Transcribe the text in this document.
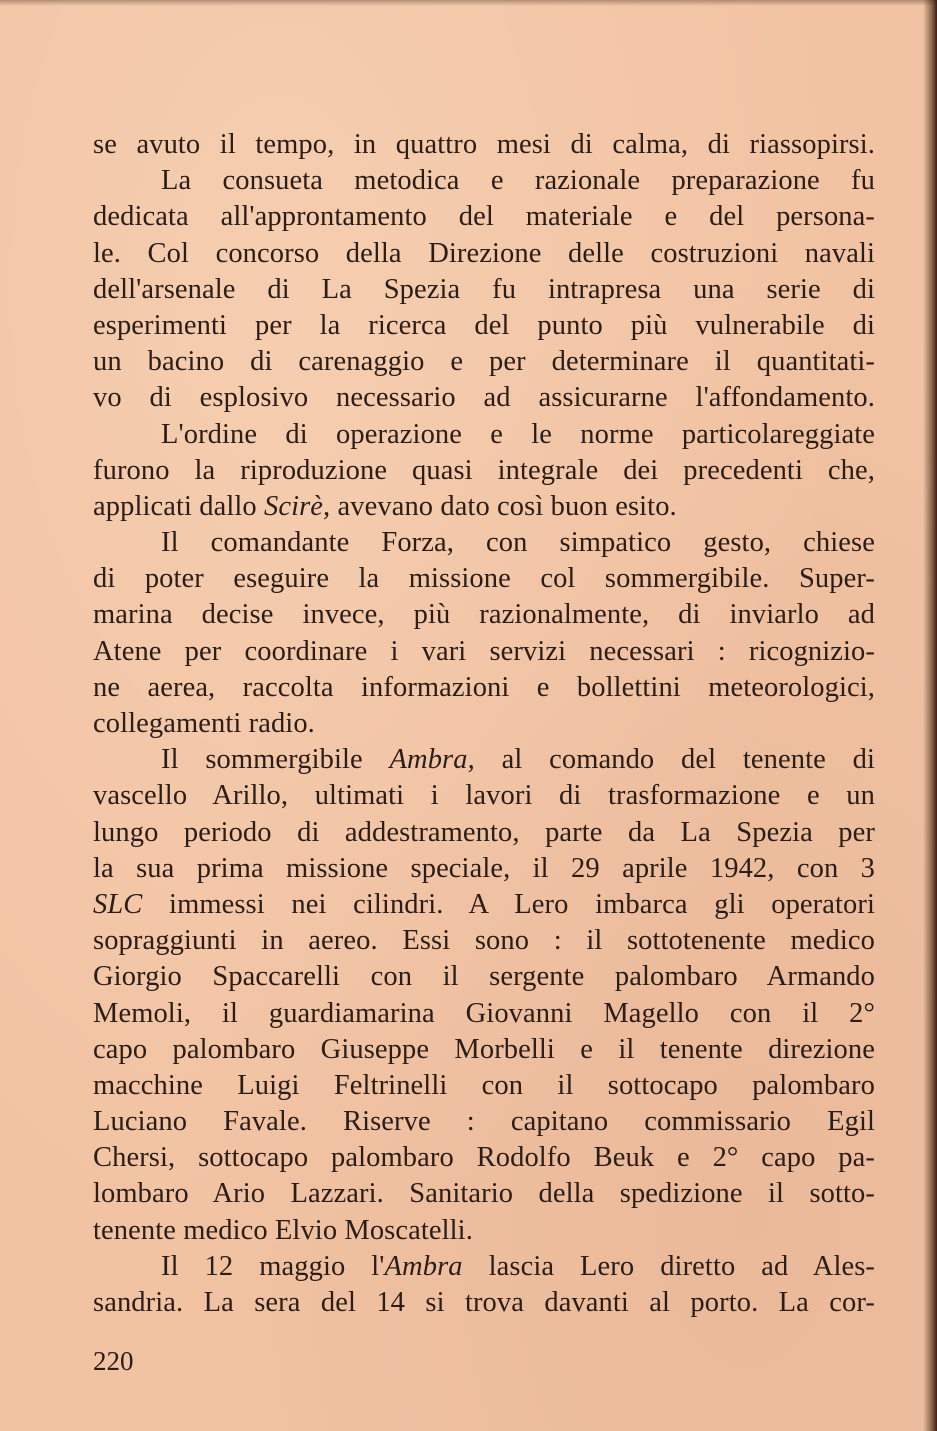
se avuto il tempo, in quattro mesi di calma, di riassopirsi.
La consueta metodica e razionale preparazione fu
dedicata all'approntamento del materiale e del persona-
le. Col concorso della Direzione delle costruzioni navali
dell'arsenale di La Spezia fu intrapresa una serie di
esperimenti per la ricerca del punto più vulnerabile di
un bacino di carenaggio e per determinare il quantitati-
vo di esplosivo necessario ad assicurarne l'affondamento.
L'ordine di operazione e le norme particolareggiate
furono la riproduzione quasi integrale dei precedenti che,
applicati dallo Scirè, avevano dato così buon esito.
Il comandante Forza, con simpatico gesto, chiese
di poter eseguire la missione col sommergibile. Super-
marina decise invece, più razionalmente, di inviarlo ad
Atene per coordinare i vari servizi necessari : ricognizio-
ne aerea, raccolta informazioni e bollettini meteorologici,
collegamenti radio.
Il sommergibile Ambra, al comando del tenente di
vascello Arillo, ultimati i lavori di trasformazione e un
lungo periodo di addestramento, parte da La Spezia per
la sua prima missione speciale, il 29 aprile 1942, con 3
SLC immessi nei cilindri. A Lero imbarca gli operatori
sopraggiunti in aereo. Essi sono : il sottotenente medico
Giorgio Spaccarelli con il sergente palombaro Armando
Memoli, il guardiamarina Giovanni Magello con il 2°
capo palombaro Giuseppe Morbelli e il tenente direzione
macchine Luigi Feltrinelli con il sottocapo palombaro
Luciano Favale. Riserve : capitano commissario Egil
Chersi, sottocapo palombaro Rodolfo Beuk e 2° capo pa-
lombaro Ario Lazzari. Sanitario della spedizione il sotto-
tenente medico Elvio Moscatelli.
Il 12 maggio l'Ambra lascia Lero diretto ad Ales-
sandria. La sera del 14 si trova davanti al porto. La cor-
220
